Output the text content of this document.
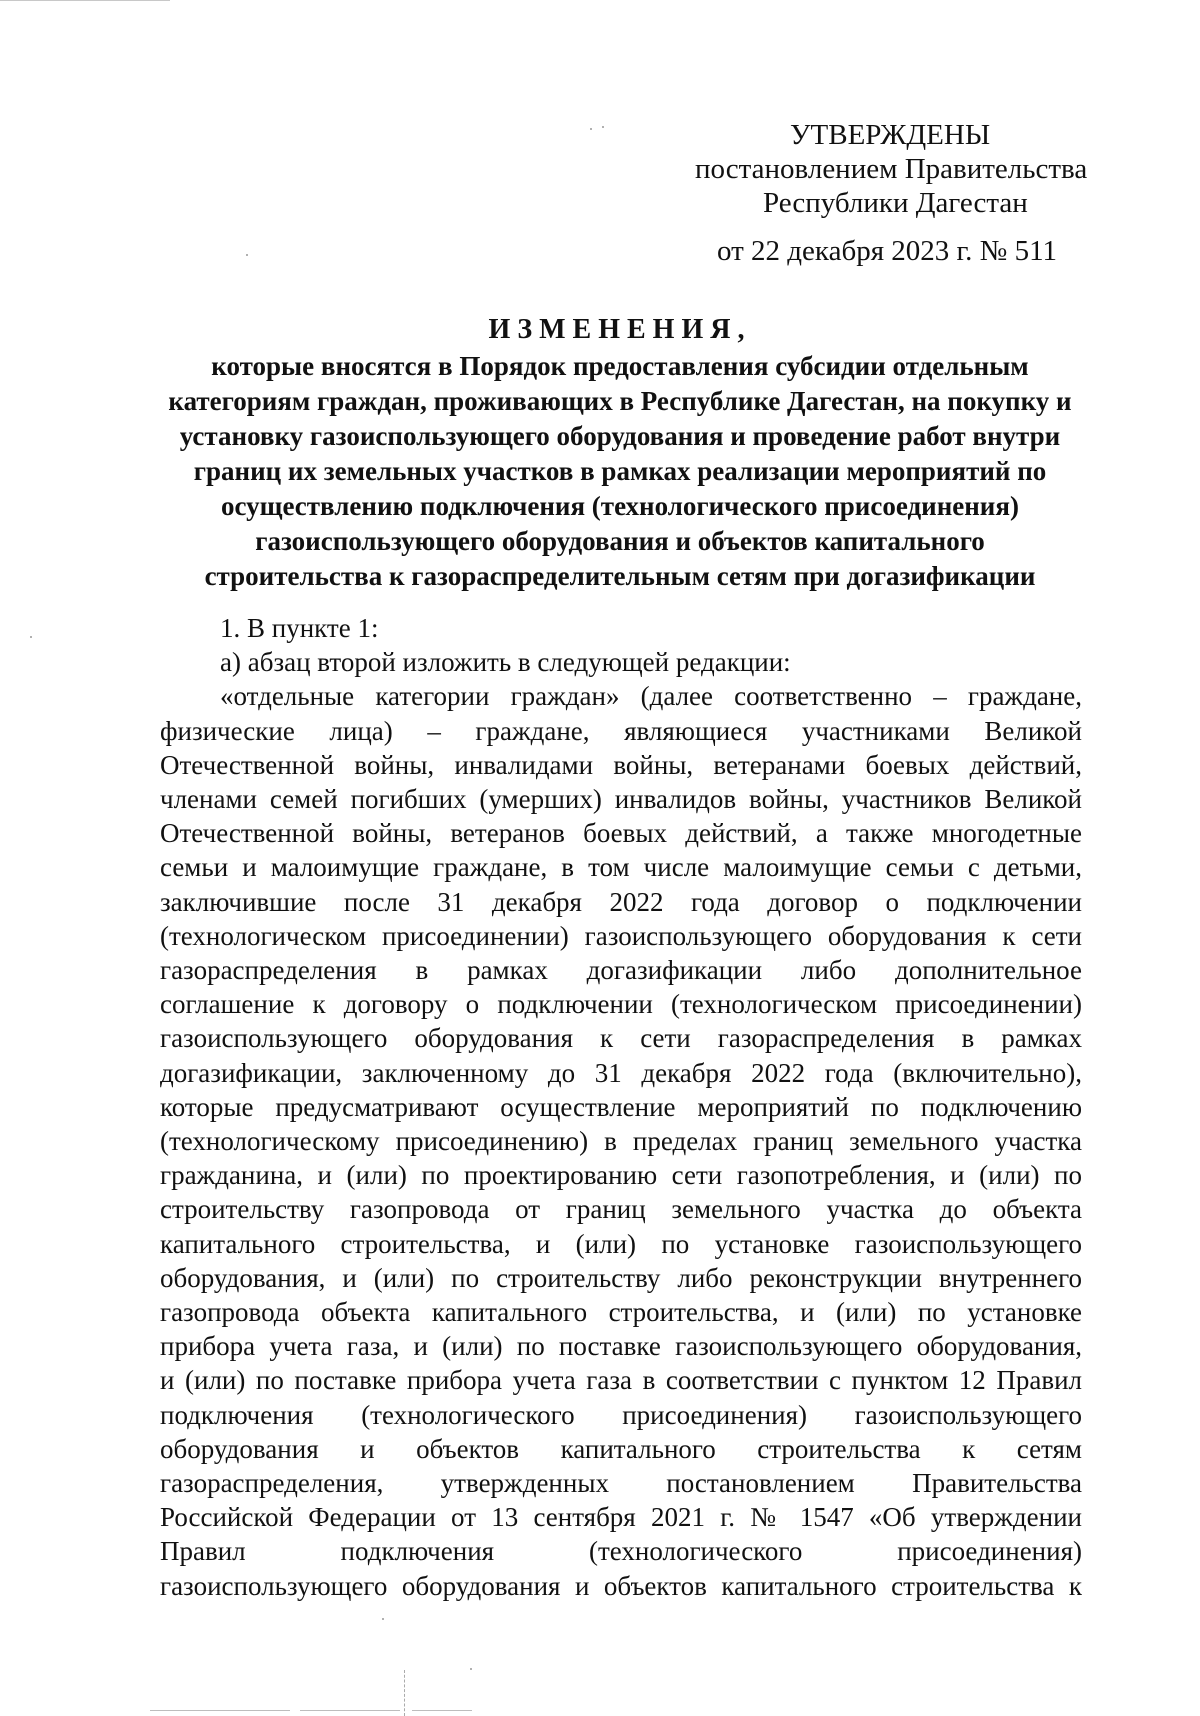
УТВЕРЖДЕНЫ
постановлением Правительства
Республики Дагестан
от 22 декабря 2023 г. № 511
ИЗМЕНЕНИЯ,
которые вносятся в Порядок предоставления субсидии отдельным
категориям граждан, проживающих в Республике Дагестан, на покупку и
установку газоиспользующего оборудования и проведение работ внутри
границ их земельных участков в рамках реализации мероприятий по
осуществлению подключения (технологического присоединения)
газоиспользующего оборудования и объектов капитального
строительства к газораспределительным сетям при догазификации
1. В пункте 1:
а) абзац второй изложить в следующей редакции:
«отдельные категории граждан» (далее соответственно – граждане,
физические лица) – граждане, являющиеся участниками Великой
Отечественной войны, инвалидами войны, ветеранами боевых действий,
членами семей погибших (умерших) инвалидов войны, участников Великой
Отечественной войны, ветеранов боевых действий, а также многодетные
семьи и малоимущие граждане, в том числе малоимущие семьи с детьми,
заключившие после 31 декабря 2022 года договор о подключении
(технологическом присоединении) газоиспользующего оборудования к сети
газораспределения в рамках догазификации либо дополнительное
соглашение к договору о подключении (технологическом присоединении)
газоиспользующего оборудования к сети газораспределения в рамках
догазификации, заключенному до 31 декабря 2022 года (включительно),
которые предусматривают осуществление мероприятий по подключению
(технологическому присоединению) в пределах границ земельного участка
гражданина, и (или) по проектированию сети газопотребления, и (или) по
строительству газопровода от границ земельного участка до объекта
капитального строительства, и (или) по установке газоиспользующего
оборудования, и (или) по строительству либо реконструкции внутреннего
газопровода объекта капитального строительства, и (или) по установке
прибора учета газа, и (или) по поставке газоиспользующего оборудования,
и (или) по поставке прибора учета газа в соответствии с пунктом 12 Правил
подключения (технологического присоединения) газоиспользующего
оборудования и объектов капитального строительства к сетям
газораспределения, утвержденных постановлением Правительства
Российской Федерации от 13 сентября 2021 г. № 1547 «Об утверждении
Правил подключения (технологического присоединения)
газоиспользующего оборудования и объектов капитального строительства к
